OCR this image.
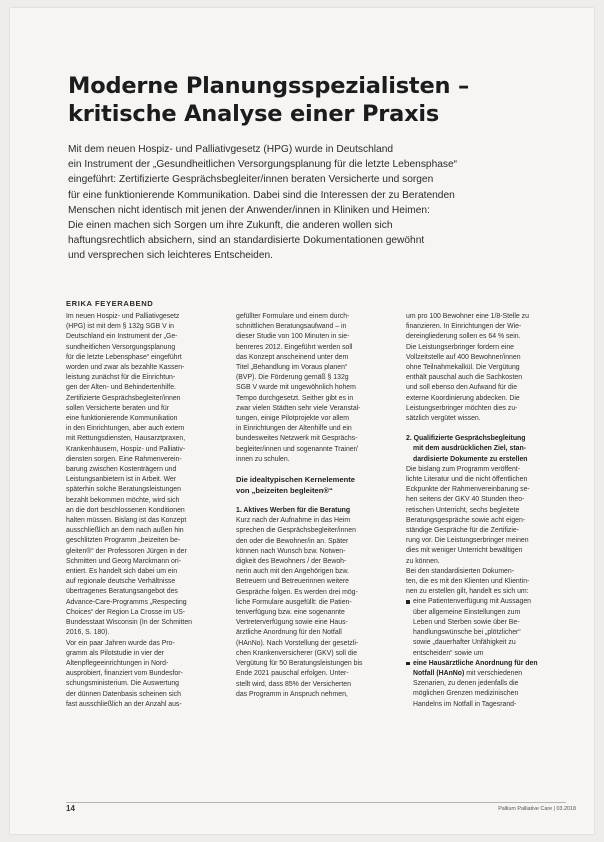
Moderne Planungsspezialisten –
kritische Analyse einer Praxis
Mit dem neuen Hospiz- und Palliativgesetz (HPG) wurde in Deutschland
ein Instrument der „Gesundheitlichen Versorgungsplanung für die letzte Lebensphase“
eingeführt: Zertifizierte Gesprächsbegleiter/innen beraten Versicherte und sorgen
für eine funktionierende Kommunikation. Dabei sind die Interessen der zu Beratenden
Menschen nicht identisch mit jenen der Anwender/innen in Kliniken und Heimen:
Die einen machen sich Sorgen um ihre Zukunft, die anderen wollen sich
haftungsrechtlich absichern, sind an standardisierte Dokumentationen gewöhnt
und versprechen sich leichteres Entscheiden.
ERIKA FEYERABEND
Im neuen Hospiz- und Palliativgesetz
(HPG) ist mit dem § 132g SGB V in
Deutschland ein Instrument der „Ge-
sundheitlichen Versorgungsplanung
für die letzte Lebensphase“ eingeführt
worden und zwar als bezahlte Kassen-
leistung zunächst für die Einrichtun-
gen der Alten- und Behindertenhilfe.
Zertifizierte Gesprächsbegleiter/innen
sollen Versicherte beraten und für
eine funktionierende Kommunikation
in den Einrichtungen, aber auch extern
mit Rettungsdiensten, Hausarztpraxen,
Krankenhäusern, Hospiz- und Palliativ-
diensten sorgen. Eine Rahmenverein-
barung zwischen Kostenträgern und
Leistungsanbietern ist in Arbeit. Wer
späterhin solche Beratungsleistungen
bezahlt bekommen möchte, wird sich
an die dort beschlossenen Konditionen
halten müssen. Bislang ist das Konzept
ausschließlich an dem nach außen hin
geschlitzten Programm „beizeiten be-
gleiten®“ der Professoren Jürgen in der
Schmitten und Georg Marckmann ori-
entiert. Es handelt sich dabei um ein
auf regionale deutsche Verhältnisse
übertragenes Beratungsangebot des
Advance-Care-Programms „Respecting
Choices“ der Region La Crosse im US-
Bundesstaat Wisconsin (In der Schmitten
2016, S. 180).
Vor ein paar Jahren wurde das Pro-
gramm als Pilotstudie in vier der
Altenpflegeeinrichtungen in Nord-
ausprobiert, finanziert vom Bundesfor-
schungsministerium. Die Auswertung
der dünnen Datenbasis scheinen sich
fast ausschließlich an der Anzahl aus-
gefüllter Formulare und einem durch-
schnittlichen Beratungsaufwand – in
dieser Studie von 100 Minuten in sie-
benreres 2012. Eingeführt werden soll
das Konzept anscheinend unter dem
Titel „Behandlung im Voraus planen“
(BVP). Die Förderung gemäß § 132g
SGB V wurde mit ungewöhnlich hohem
Tempo durchgesetzt. Seither gibt es in
zwar vielen Städten sehr viele Veranstal-
tungen, einige Pilotprojekte vor allem
in Einrichtungen der Altenhilfe und ein
bundesweites Netzwerk mit Gesprächs-
begleiter/innen und sogenannte Trainer/
innen zu schulen.
Die idealtypischen Kernelemente
von „beizeiten begleiten®“
1. Aktives Werben für die Beratung
Kurz nach der Aufnahme in das Heim
sprechen die Gesprächsbegleiter/innen
den oder die Bewohner/in an. Später
können nach Wunsch bzw. Notwen-
digkeit des Bewohners / der Bewoh-
nerin auch mit den Angehörigen bzw.
Betreuern und Betreuerinnen weitere
Gespräche folgen. Es werden drei mög-
liche Formulare ausgefüllt: die Patien-
tenverfügung bzw. eine sogenannte
Vertreterverfügung sowie eine Haus-
ärztliche Anordnung für den Notfall
(HAnNo). Nach Vorstellung der gesetzli-
chen Krankenversicherer (GKV) soll die
Vergütung für 50 Beratungsleistungen bis
Ende 2021 pauschal erfolgen. Unter-
stellt wird, dass 85% der Versicherten
das Programm in Anspruch nehmen,
um pro 100 Bewohner eine 1/8-Stelle zu
finanzieren. In Einrichtungen der Wie-
dereingliederung sollen es 64 % sein.
Die Leistungserbringer fordern eine
Vollzeitstelle auf 400 Bewohner/innen
ohne Teilnahmekalkül. Die Vergütung
enthält pauschal auch die Sachkosten
und soll ebenso den Aufwand für die
externe Koordinierung abdecken. Die
Leistungserbringer möchten dies zu-
sätzlich vergütet wissen.
2. Qualifizierte Gesprächsbegleitung
mit dem ausdrücklichen Ziel, stan-
dardisierte Dokumente zu erstellen
Die bislang zum Programm veröffent-
lichte Literatur und die nicht öffentlichen
Eckpunkte der Rahmenvereinbarung se-
hen seitens der GKV 40 Stunden theo-
retischen Unterricht, sechs begleitete
Beratungsgespräche sowie acht eigen-
ständige Gespräche für die Zertifizie-
rung vor. Die Leistungserbringer meinen
dies mit weniger Unterricht bewältigen
zu können.
Bei den standardisierten Dokumen-
ten, die es mit den Klienten und Klientin-
nen zu erstellen gilt, handelt es sich um:
eine Patientenverfügung mit Aussagen
über allgemeine Einstellungen zum
Leben und Sterben sowie über Be-
handlungswünsche bei „plötzlicher“
sowie „dauerhafter Unfähigkeit zu
entscheiden“ sowie um
eine Hausärztliche Anordnung für den
Notfall (HAnNo) mit verschiedenen
Szenarien, zu denen jedenfalls die
möglichen Grenzen medizinischen
Handelns im Notfall in Tagesrand-
14	Pallium Palliative Care | 03.2018
